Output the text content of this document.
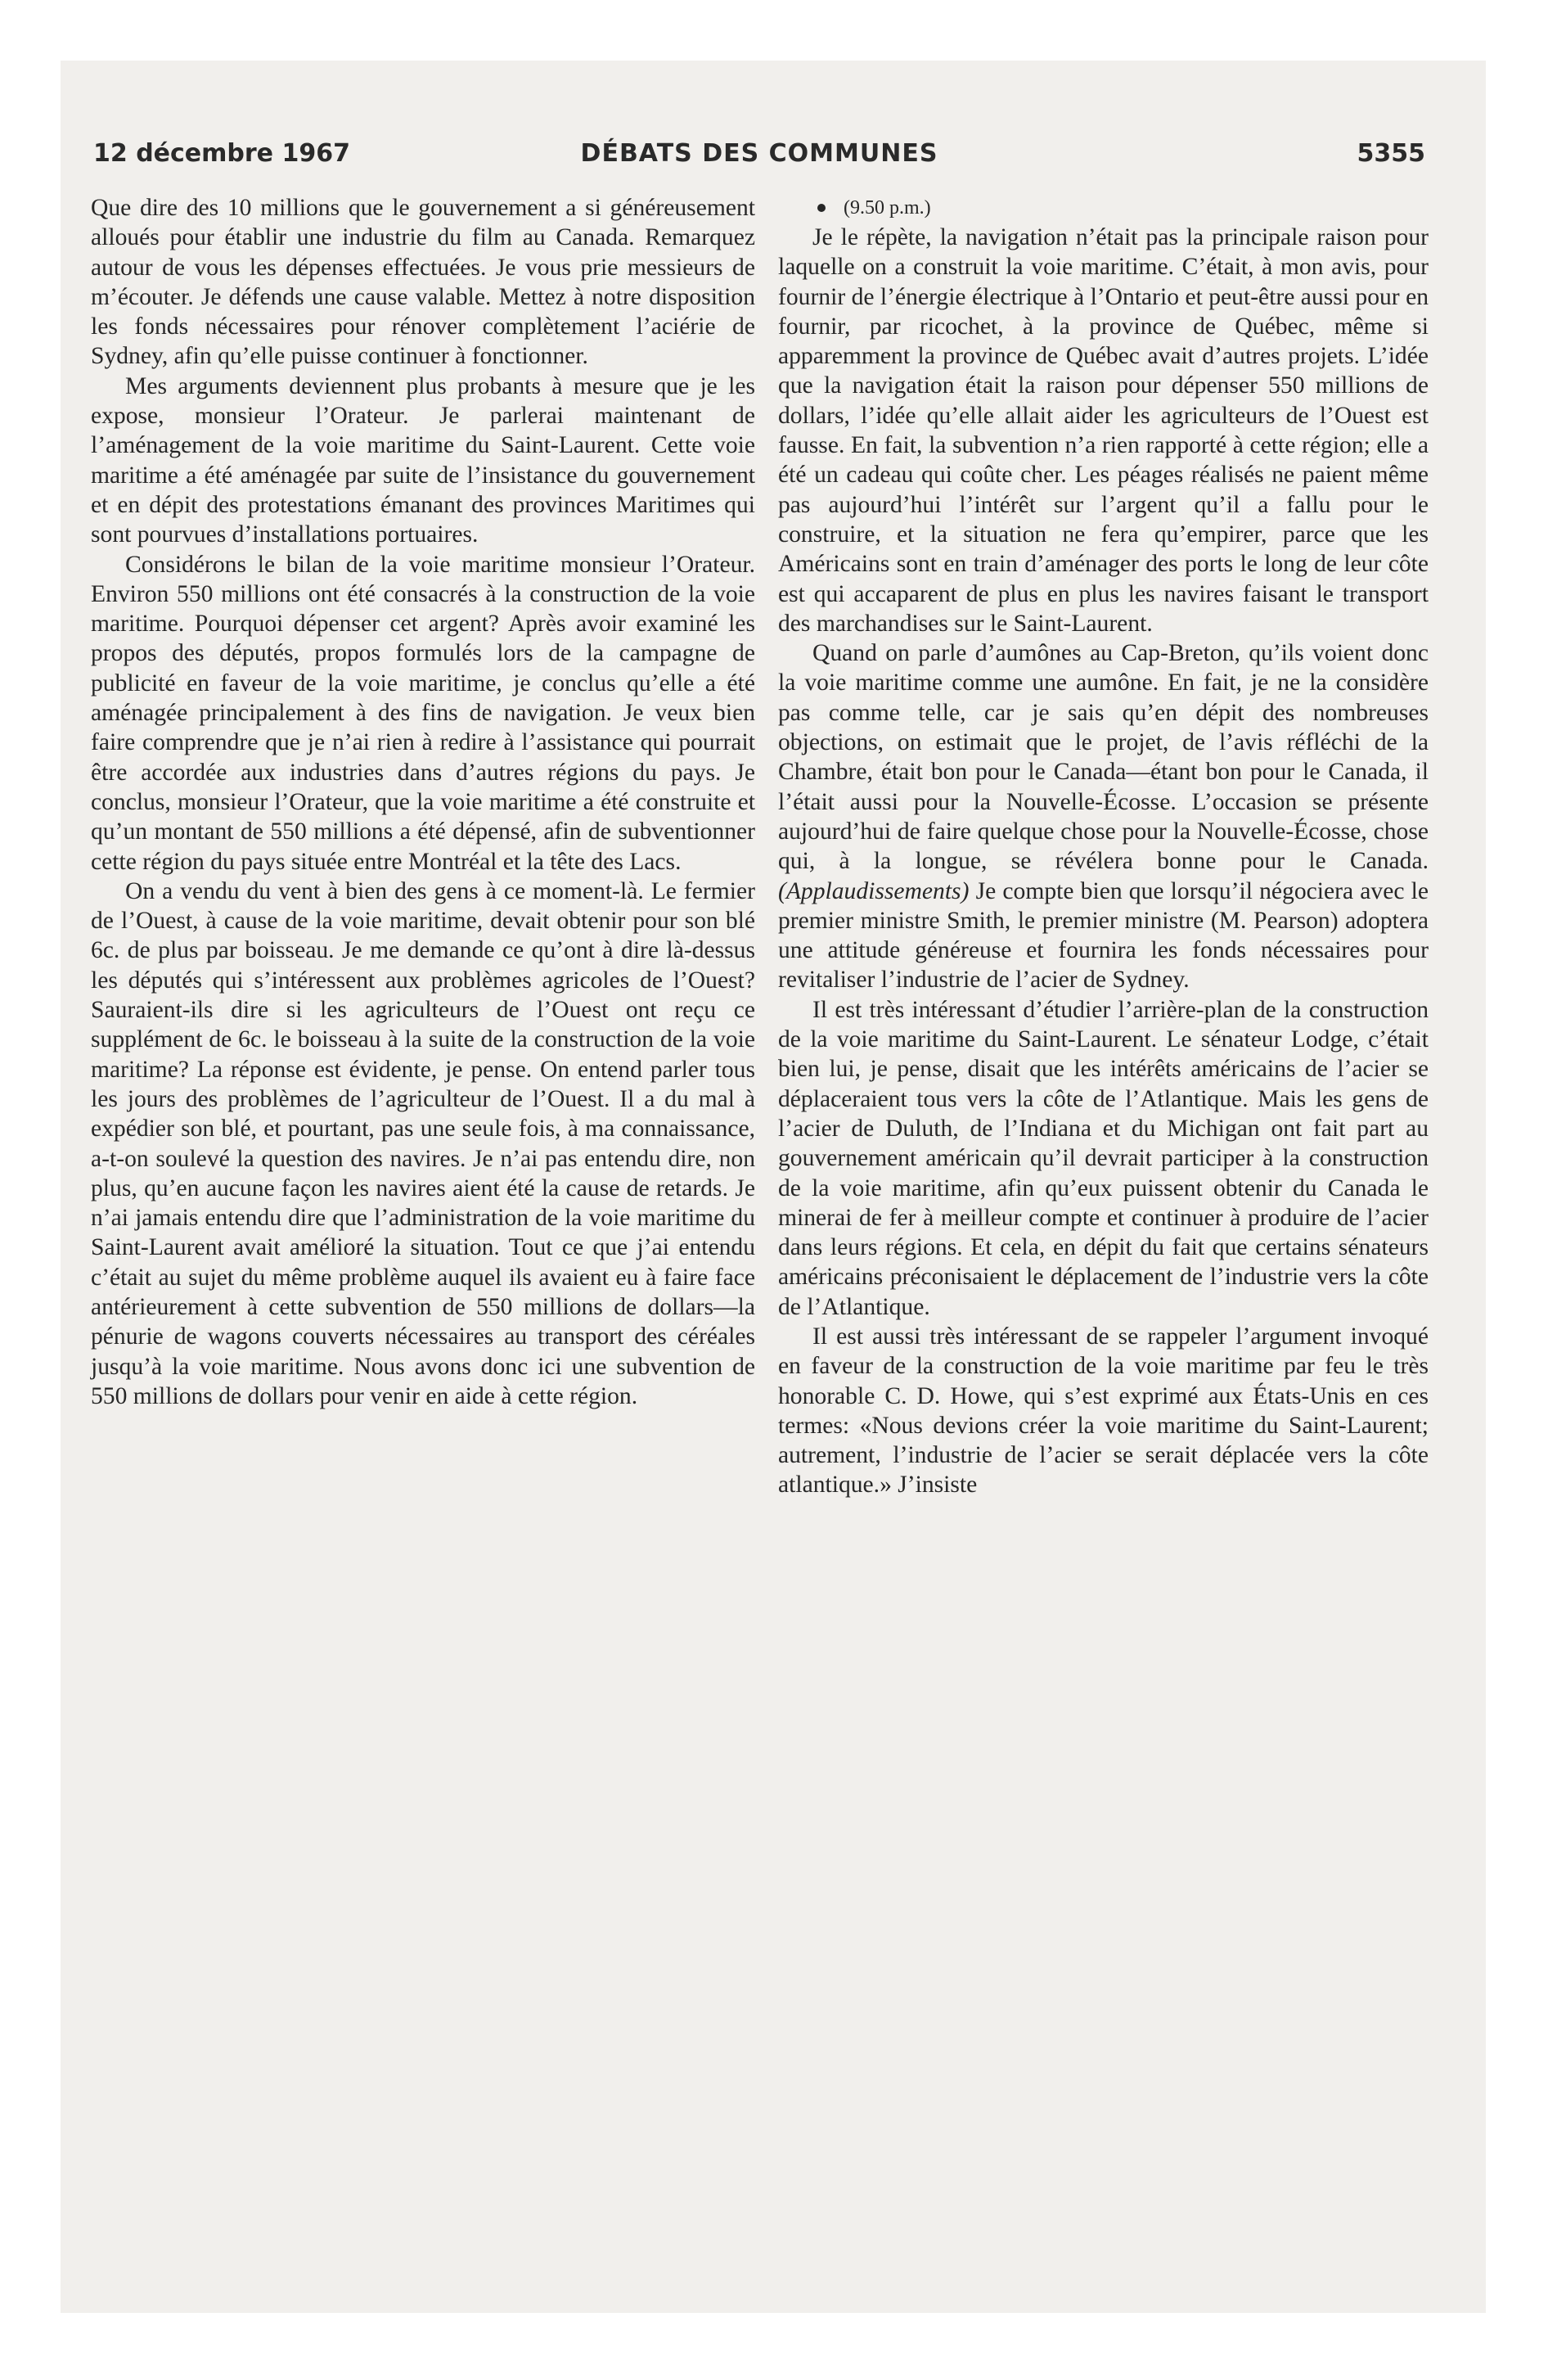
12 décembre 1967	DÉBATS DES COMMUNES	5355

Que dire des 10 millions que le gouvernement a si généreusement alloués pour établir une industrie du film au Canada. Remarquez autour de vous les dépenses effectuées. Je vous prie messieurs de m’écouter. Je défends une cause valable. Mettez à notre disposition les fonds nécessaires pour rénover complètement l’aciérie de Sydney, afin qu’elle puisse continuer à fonctionner.

Mes arguments deviennent plus probants à mesure que je les expose, monsieur l’Orateur. Je parlerai maintenant de l’aménagement de la voie maritime du Saint-Laurent. Cette voie maritime a été aménagée par suite de l’insistance du gouvernement et en dépit des protestations émanant des provinces Maritimes qui sont pourvues d’installations portuaires.

Considérons le bilan de la voie maritime monsieur l’Orateur. Environ 550 millions ont été consacrés à la construction de la voie maritime. Pourquoi dépenser cet argent? Après avoir examiné les propos des députés, propos formulés lors de la campagne de publicité en faveur de la voie maritime, je conclus qu’elle a été aménagée principalement à des fins de navigation. Je veux bien faire comprendre que je n’ai rien à redire à l’assistance qui pourrait être accordée aux industries dans d’autres régions du pays. Je conclus, monsieur l’Orateur, que la voie maritime a été construite et qu’un montant de 550 millions a été dépensé, afin de subventionner cette région du pays située entre Montréal et la tête des Lacs.

On a vendu du vent à bien des gens à ce moment-là. Le fermier de l’Ouest, à cause de la voie maritime, devait obtenir pour son blé 6c. de plus par boisseau. Je me demande ce qu’ont à dire là-dessus les députés qui s’intéressent aux problèmes agricoles de l’Ouest? Sauraient-ils dire si les agriculteurs de l’Ouest ont reçu ce supplément de 6c. le boisseau à la suite de la construction de la voie maritime? La réponse est évidente, je pense. On entend parler tous les jours des problèmes de l’agriculteur de l’Ouest. Il a du mal à expédier son blé, et pourtant, pas une seule fois, à ma connaissance, a-t-on soulevé la question des navires. Je n’ai pas entendu dire, non plus, qu’en aucune façon les navires aient été la cause de retards. Je n’ai jamais entendu dire que l’administration de la voie maritime du Saint-Laurent avait amélioré la situation. Tout ce que j’ai entendu c’était au sujet du même problème auquel ils avaient eu à faire face antérieurement à cette subvention de 550 millions de dollars—la pénurie de wagons couverts nécessaires au transport des céréales jusqu’à la voie maritime. Nous avons donc ici une subvention de 550 millions de dollars pour venir en aide à cette région.

(9.50 p.m.)

Je le répète, la navigation n’était pas la principale raison pour laquelle on a construit la voie maritime. C’était, à mon avis, pour fournir de l’énergie électrique à l’Ontario et peut-être aussi pour en fournir, par ricochet, à la province de Québec, même si apparemment la province de Québec avait d’autres projets. L’idée que la navigation était la raison pour dépenser 550 millions de dollars, l’idée qu’elle allait aider les agriculteurs de l’Ouest est fausse. En fait, la subvention n’a rien rapporté à cette région; elle a été un cadeau qui coûte cher. Les péages réalisés ne paient même pas aujourd’hui l’intérêt sur l’argent qu’il a fallu pour le construire, et la situation ne fera qu’empirer, parce que les Américains sont en train d’aménager des ports le long de leur côte est qui accaparent de plus en plus les navires faisant le transport des marchandises sur le Saint-Laurent.

Quand on parle d’aumônes au Cap-Breton, qu’ils voient donc la voie maritime comme une aumône. En fait, je ne la considère pas comme telle, car je sais qu’en dépit des nombreuses objections, on estimait que le projet, de l’avis réfléchi de la Chambre, était bon pour le Canada—étant bon pour le Canada, il l’était aussi pour la Nouvelle-Écosse. L’occasion se présente aujourd’hui de faire quelque chose pour la Nouvelle-Écosse, chose qui, à la longue, se révélera bonne pour le Canada. (Applaudissements) Je compte bien que lorsqu’il négociera avec le premier ministre Smith, le premier ministre (M. Pearson) adoptera une attitude généreuse et fournira les fonds nécessaires pour revitaliser l’industrie de l’acier de Sydney.

Il est très intéressant d’étudier l’arrière-plan de la construction de la voie maritime du Saint-Laurent. Le sénateur Lodge, c’était bien lui, je pense, disait que les intérêts américains de l’acier se déplaceraient tous vers la côte de l’Atlantique. Mais les gens de l’acier de Duluth, de l’Indiana et du Michigan ont fait part au gouvernement américain qu’il devrait participer à la construction de la voie maritime, afin qu’eux puissent obtenir du Canada le minerai de fer à meilleur compte et continuer à produire de l’acier dans leurs régions. Et cela, en dépit du fait que certains sénateurs américains préconisaient le déplacement de l’industrie vers la côte de l’Atlantique.

Il est aussi très intéressant de se rappeler l’argument invoqué en faveur de la construction de la voie maritime par feu le très honorable C. D. Howe, qui s’est exprimé aux États-Unis en ces termes: «Nous devions créer la voie maritime du Saint-Laurent; autrement, l’industrie de l’acier se serait déplacée vers la côte atlantique.» J’insiste
